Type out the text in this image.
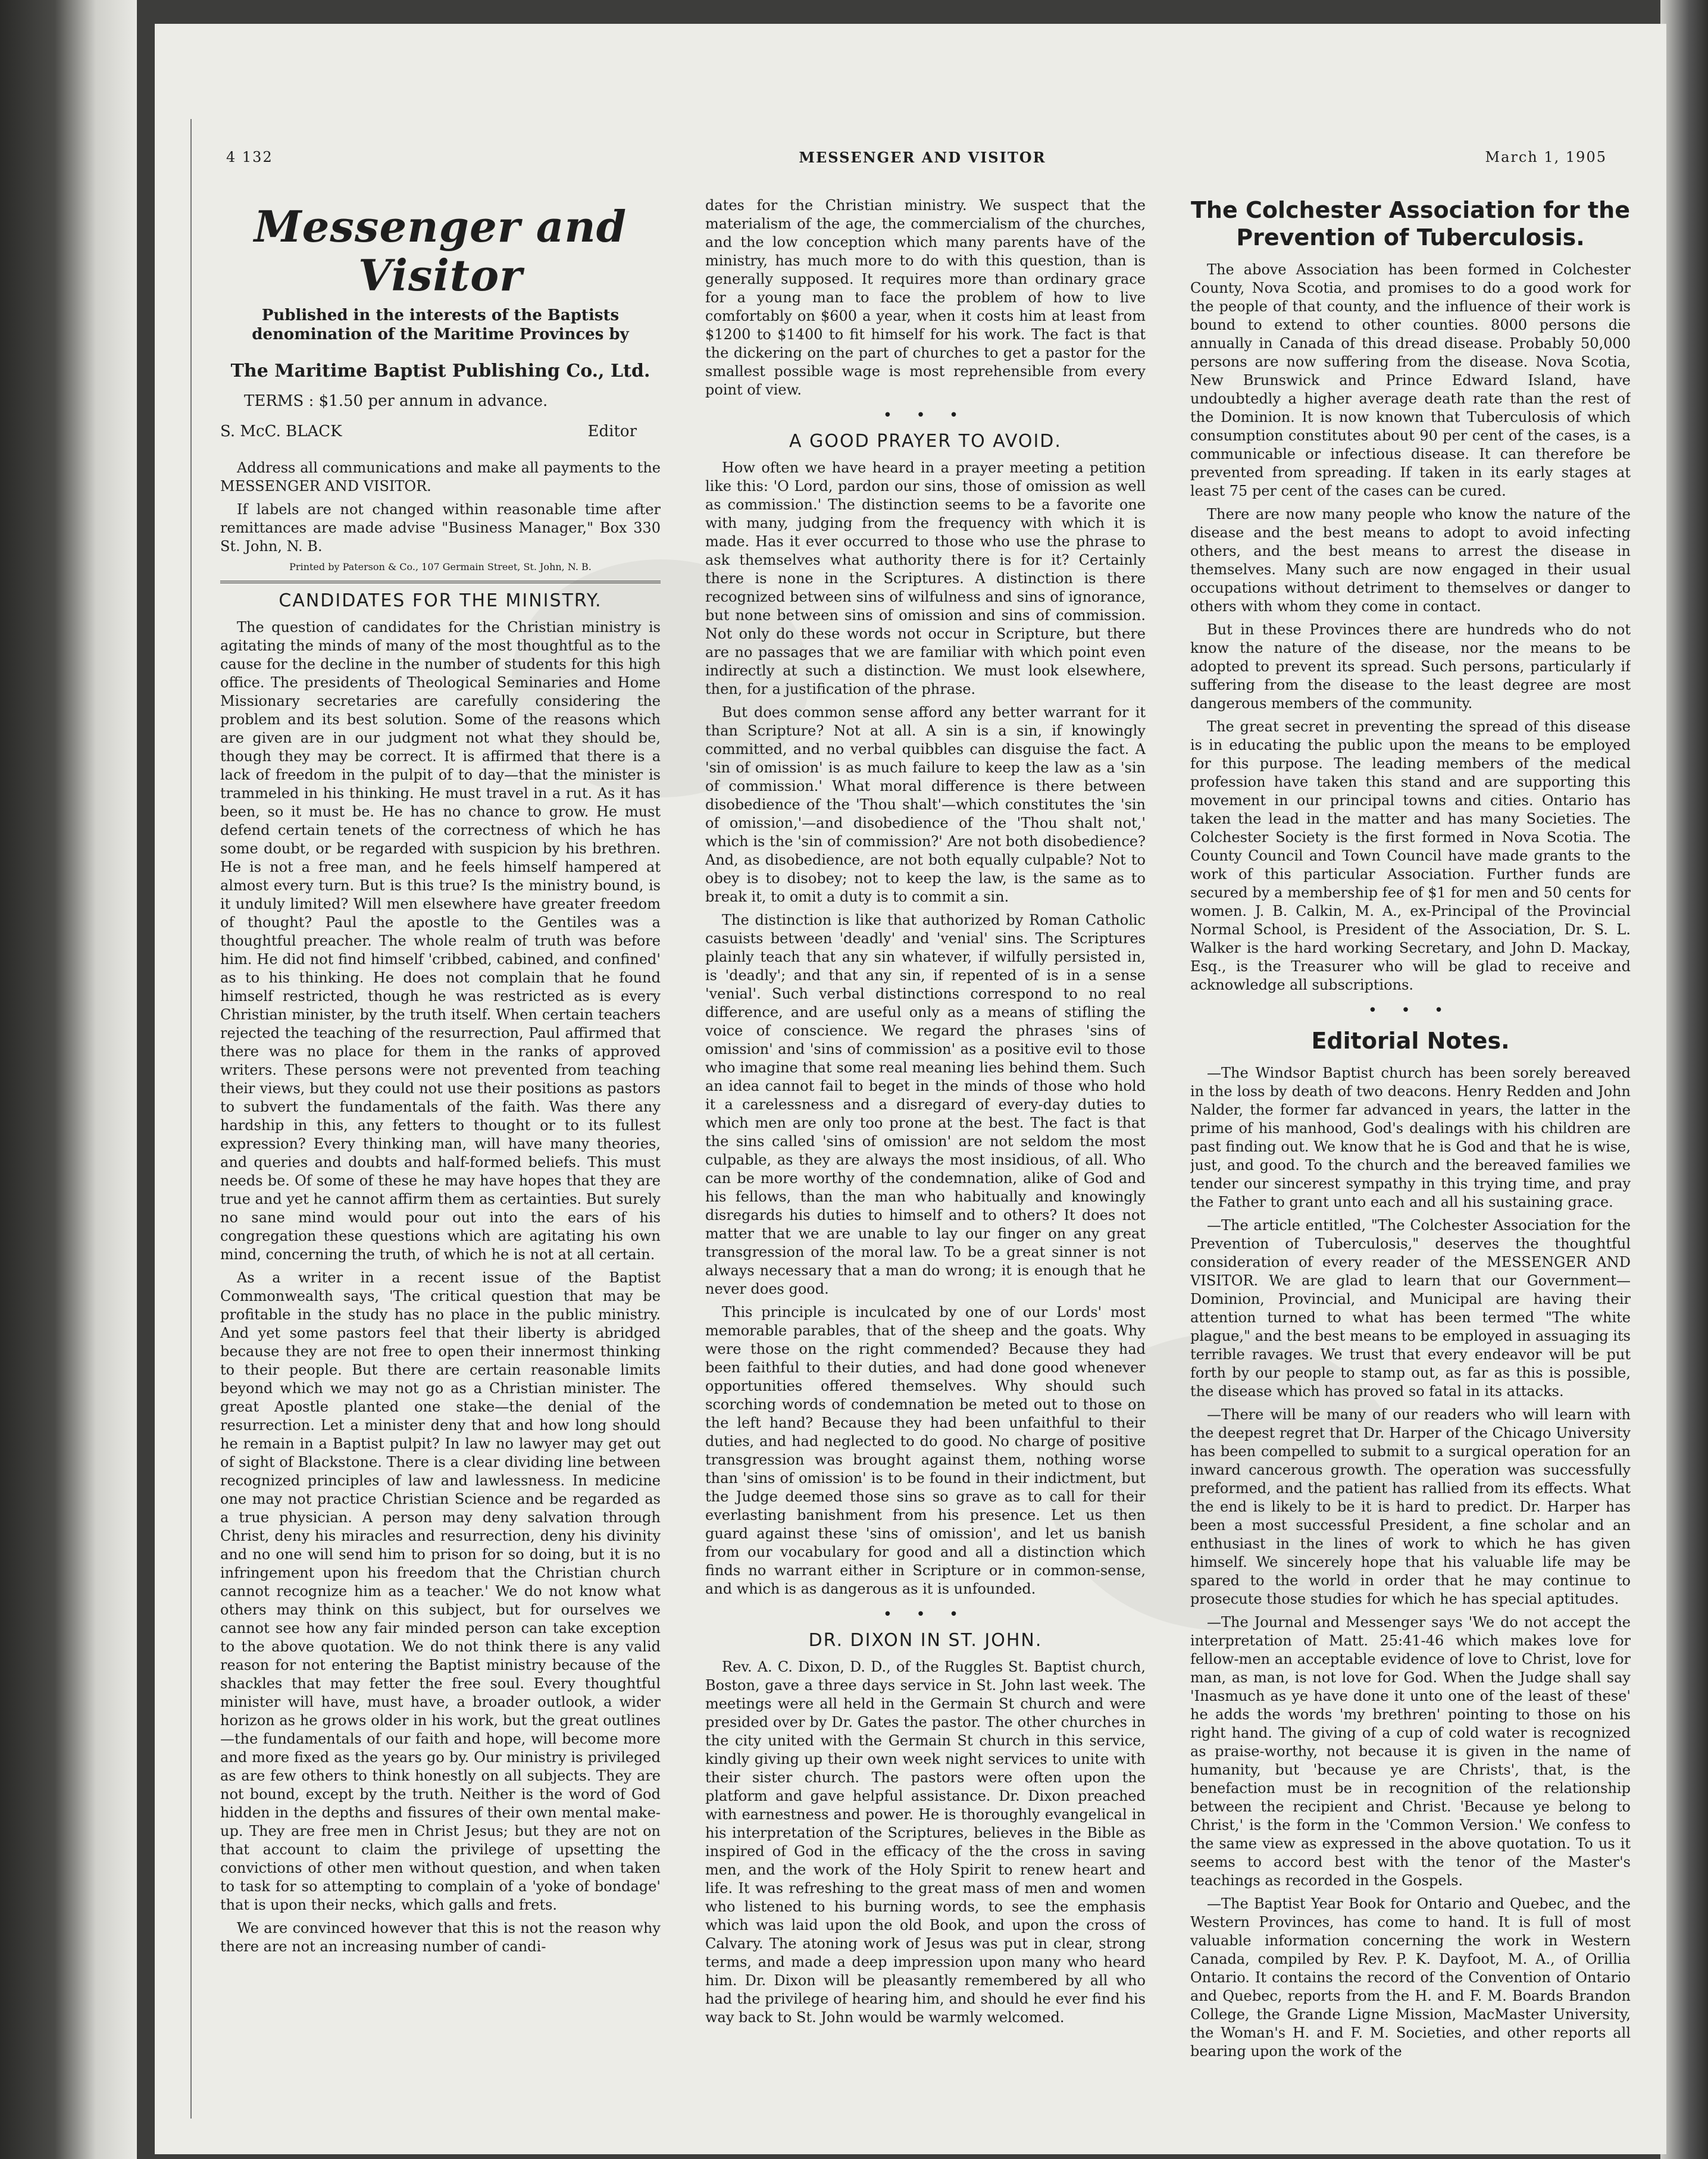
4 132	MESSENGER AND VISITOR	March 1, 1905
Messenger and Visitor
Published in the interests of the Baptists denomination of the Maritime Provinces by
The Maritime Baptist Publishing Co., Ltd.
TERMS : $1.50 per annum in advance.
S. McC. BLACK	Editor
Address all communications and make all payments to the MESSENGER AND VISITOR.
If labels are not changed within reasonable time after remittances are made advise "Business Manager," Box 330 St. John, N. B.
Printed by Paterson & Co., 107 Germain Street, St. John, N. B.
CANDIDATES FOR THE MINISTRY.
The question of candidates for the Christian ministry is agitating the minds of many of the most thoughtful as to the cause for the decline in the number of students for this high office. The presidents of Theological Seminaries and Home Missionary secretaries are carefully considering the problem and its best solution. Some of the reasons which are given are in our judgment not what they should be, though they may be correct. It is affirmed that there is a lack of freedom in the pulpit of to day—that the minister is trammeled in his thinking. He must travel in a rut. As it has been, so it must be. He has no chance to grow. He must defend certain tenets of the correctness of which he has some doubt, or be regarded with suspicion by his brethren. He is not a free man, and he feels himself hampered at almost every turn. But is this true? Is the ministry bound, is it unduly limited? Will men elsewhere have greater freedom of thought? Paul the apostle to the Gentiles was a thoughtful preacher. The whole realm of truth was before him. He did not find himself 'cribbed, cabined, and confined' as to his thinking. He does not complain that he found himself restricted, though he was restricted as is every Christian minister, by the truth itself. When certain teachers rejected the teaching of the resurrection, Paul affirmed that there was no place for them in the ranks of approved writers. These persons were not prevented from teaching their views, but they could not use their positions as pastors to subvert the fundamentals of the faith. Was there any hardship in this, any fetters to thought or to its fullest expression? Every thinking man, will have many theories, and queries and doubts and half-formed beliefs. This must needs be. Of some of these he may have hopes that they are true and yet he cannot affirm them as certainties. But surely no sane mind would pour out into the ears of his congregation these questions which are agitating his own mind, concerning the truth, of which he is not at all certain.
As a writer in a recent issue of the Baptist Commonwealth says, 'The critical question that may be profitable in the study has no place in the public ministry. And yet some pastors feel that their liberty is abridged because they are not free to open their innermost thinking to their people. But there are certain reasonable limits beyond which we may not go as a Christian minister. The great Apostle planted one stake—the denial of the resurrection. Let a minister deny that and how long should he remain in a Baptist pulpit? In law no lawyer may get out of sight of Blackstone. There is a clear dividing line between recognized principles of law and lawlessness. In medicine one may not practice Christian Science and be regarded as a true physician. A person may deny salvation through Christ, deny his miracles and resurrection, deny his divinity and no one will send him to prison for so doing, but it is no infringement upon his freedom that the Christian church cannot recognize him as a teacher.' We do not know what others may think on this subject, but for ourselves we cannot see how any fair minded person can take exception to the above quotation. We do not think there is any valid reason for not entering the Baptist ministry because of the shackles that may fetter the free soul. Every thoughtful minister will have, must have, a broader outlook, a wider horizon as he grows older in his work, but the great outlines—the fundamentals of our faith and hope, will become more and more fixed as the years go by. Our ministry is privileged as are few others to think honestly on all subjects. They are not bound, except by the truth. Neither is the word of God hidden in the depths and fissures of their own mental make-up. They are free men in Christ Jesus; but they are not on that account to claim the privilege of upsetting the convictions of other men without question, and when taken to task for so attempting to complain of a 'yoke of bondage' that is upon their necks, which galls and frets.
We are convinced however that this is not the reason why there are not an increasing number of candi-
dates for the Christian ministry. We suspect that the materialism of the age, the commercialism of the churches, and the low conception which many parents have of the ministry, has much more to do with this question, than is generally supposed. It requires more than ordinary grace for a young man to face the problem of how to live comfortably on $600 a year, when it costs him at least from $1200 to $1400 to fit himself for his work. The fact is that the dickering on the part of churches to get a pastor for the smallest possible wage is most reprehensible from every point of view.
• • •
A GOOD PRAYER TO AVOID.
How often we have heard in a prayer meeting a petition like this: 'O Lord, pardon our sins, those of omission as well as commission.' The distinction seems to be a favorite one with many, judging from the frequency with which it is made. Has it ever occurred to those who use the phrase to ask themselves what authority there is for it? Certainly there is none in the Scriptures. A distinction is there recognized between sins of wilfulness and sins of ignorance, but none between sins of omission and sins of commission. Not only do these words not occur in Scripture, but there are no passages that we are familiar with which point even indirectly at such a distinction. We must look elsewhere, then, for a justification of the phrase.
But does common sense afford any better warrant for it than Scripture? Not at all. A sin is a sin, if knowingly committed, and no verbal quibbles can disguise the fact. A 'sin of omission' is as much failure to keep the law as a 'sin of commission.' What moral difference is there between disobedience of the 'Thou shalt'—which constitutes the 'sin of omission,'—and disobedience of the 'Thou shalt not,' which is the 'sin of commission?' Are not both disobedience? And, as disobedience, are not both equally culpable? Not to obey is to disobey; not to keep the law, is the same as to break it, to omit a duty is to commit a sin.
The distinction is like that authorized by Roman Catholic casuists between 'deadly' and 'venial' sins. The Scriptures plainly teach that any sin whatever, if wilfully persisted in, is 'deadly'; and that any sin, if repented of is in a sense 'venial'. Such verbal distinctions correspond to no real difference, and are useful only as a means of stifling the voice of conscience. We regard the phrases 'sins of omission' and 'sins of commission' as a positive evil to those who imagine that some real meaning lies behind them. Such an idea cannot fail to beget in the minds of those who hold it a carelessness and a disregard of every-day duties to which men are only too prone at the best. The fact is that the sins called 'sins of omission' are not seldom the most culpable, as they are always the most insidious, of all. Who can be more worthy of the condemnation, alike of God and his fellows, than the man who habitually and knowingly disregards his duties to himself and to others? It does not matter that we are unable to lay our finger on any great transgression of the moral law. To be a great sinner is not always necessary that a man do wrong; it is enough that he never does good.
This principle is inculcated by one of our Lords' most memorable parables, that of the sheep and the goats. Why were those on the right commended? Because they had been faithful to their duties, and had done good whenever opportunities offered themselves. Why should such scorching words of condemnation be meted out to those on the left hand? Because they had been unfaithful to their duties, and had neglected to do good. No charge of positive transgression was brought against them, nothing worse than 'sins of omission' is to be found in their indictment, but the Judge deemed those sins so grave as to call for their everlasting banishment from his presence. Let us then guard against these 'sins of omission', and let us banish from our vocabulary for good and all a distinction which finds no warrant either in Scripture or in common-sense, and which is as dangerous as it is unfounded.
• • •
DR. DIXON IN ST. JOHN.
Rev. A. C. Dixon, D. D., of the Ruggles St. Baptist church, Boston, gave a three days service in St. John last week. The meetings were all held in the Germain St church and were presided over by Dr. Gates the pastor. The other churches in the city united with the Germain St church in this service, kindly giving up their own week night services to unite with their sister church. The pastors were often upon the platform and gave helpful assistance. Dr. Dixon preached with earnestness and power. He is thoroughly evangelical in his interpretation of the Scriptures, believes in the Bible as inspired of God in the efficacy of the the cross in saving men, and the work of the Holy Spirit to renew heart and life. It was refreshing to the great mass of men and women who listened to his burning words, to see the emphasis which was laid upon the old Book, and upon the cross of Calvary. The atoning work of Jesus was put in clear, strong terms, and made a deep impression upon many who heard him. Dr. Dixon will be pleasantly remembered by all who had the privilege of hearing him, and should he ever find his way back to St. John would be warmly welcomed.
The Colchester Association for the Prevention of Tuberculosis.
The above Association has been formed in Colchester County, Nova Scotia, and promises to do a good work for the people of that county, and the influence of their work is bound to extend to other counties. 8000 persons die annually in Canada of this dread disease. Probably 50,000 persons are now suffering from the disease. Nova Scotia, New Brunswick and Prince Edward Island, have undoubtedly a higher average death rate than the rest of the Dominion. It is now known that Tuberculosis of which consumption constitutes about 90 per cent of the cases, is a communicable or infectious disease. It can therefore be prevented from spreading. If taken in its early stages at least 75 per cent of the cases can be cured.
There are now many people who know the nature of the disease and the best means to adopt to avoid infecting others, and the best means to arrest the disease in themselves. Many such are now engaged in their usual occupations without detriment to themselves or danger to others with whom they come in contact.
But in these Provinces there are hundreds who do not know the nature of the disease, nor the means to be adopted to prevent its spread. Such persons, particularly if suffering from the disease to the least degree are most dangerous members of the community.
The great secret in preventing the spread of this disease is in educating the public upon the means to be employed for this purpose. The leading members of the medical profession have taken this stand and are supporting this movement in our principal towns and cities. Ontario has taken the lead in the matter and has many Societies. The Colchester Society is the first formed in Nova Scotia. The County Council and Town Council have made grants to the work of this particular Association. Further funds are secured by a membership fee of $1 for men and 50 cents for women. J. B. Calkin, M. A., ex-Principal of the Provincial Normal School, is President of the Association, Dr. S. L. Walker is the hard working Secretary, and John D. Mackay, Esq., is the Treasurer who will be glad to receive and acknowledge all subscriptions.
• • •
Editorial Notes.
—The Windsor Baptist church has been sorely bereaved in the loss by death of two deacons. Henry Redden and John Nalder, the former far advanced in years, the latter in the prime of his manhood, God's dealings with his children are past finding out. We know that he is God and that he is wise, just, and good. To the church and the bereaved families we tender our sincerest sympathy in this trying time, and pray the Father to grant unto each and all his sustaining grace.
—The article entitled, "The Colchester Association for the Prevention of Tuberculosis," deserves the thoughtful consideration of every reader of the MESSENGER AND VISITOR. We are glad to learn that our Government—Dominion, Provincial, and Municipal are having their attention turned to what has been termed "The white plague," and the best means to be employed in assuaging its terrible ravages. We trust that every endeavor will be put forth by our people to stamp out, as far as this is possible, the disease which has proved so fatal in its attacks.
—There will be many of our readers who will learn with the deepest regret that Dr. Harper of the Chicago University has been compelled to submit to a surgical operation for an inward cancerous growth. The operation was successfully preformed, and the patient has rallied from its effects. What the end is likely to be it is hard to predict. Dr. Harper has been a most successful President, a fine scholar and an enthusiast in the lines of work to which he has given himself. We sincerely hope that his valuable life may be spared to the world in order that he may continue to prosecute those studies for which he has special aptitudes.
—The Journal and Messenger says 'We do not accept the interpretation of Matt. 25:41-46 which makes love for fellow-men an acceptable evidence of love to Christ, love for man, as man, is not love for God. When the Judge shall say 'Inasmuch as ye have done it unto one of the least of these' he adds the words 'my brethren' pointing to those on his right hand. The giving of a cup of cold water is recognized as praise-worthy, not because it is given in the name of humanity, but 'because ye are Christs', that, is the benefaction must be in recognition of the relationship between the recipient and Christ. 'Because ye belong to Christ,' is the form in the 'Common Version.' We confess to the same view as expressed in the above quotation. To us it seems to accord best with the tenor of the Master's teachings as recorded in the Gospels.
—The Baptist Year Book for Ontario and Quebec, and the Western Provinces, has come to hand. It is full of most valuable information concerning the work in Western Canada, compiled by Rev. P. K. Dayfoot, M. A., of Orillia Ontario. It contains the record of the Convention of Ontario and Quebec, reports from the H. and F. M. Boards Brandon College, the Grande Ligne Mission, MacMaster University, the Woman's H. and F. M. Societies, and other reports all bearing upon the work of the
